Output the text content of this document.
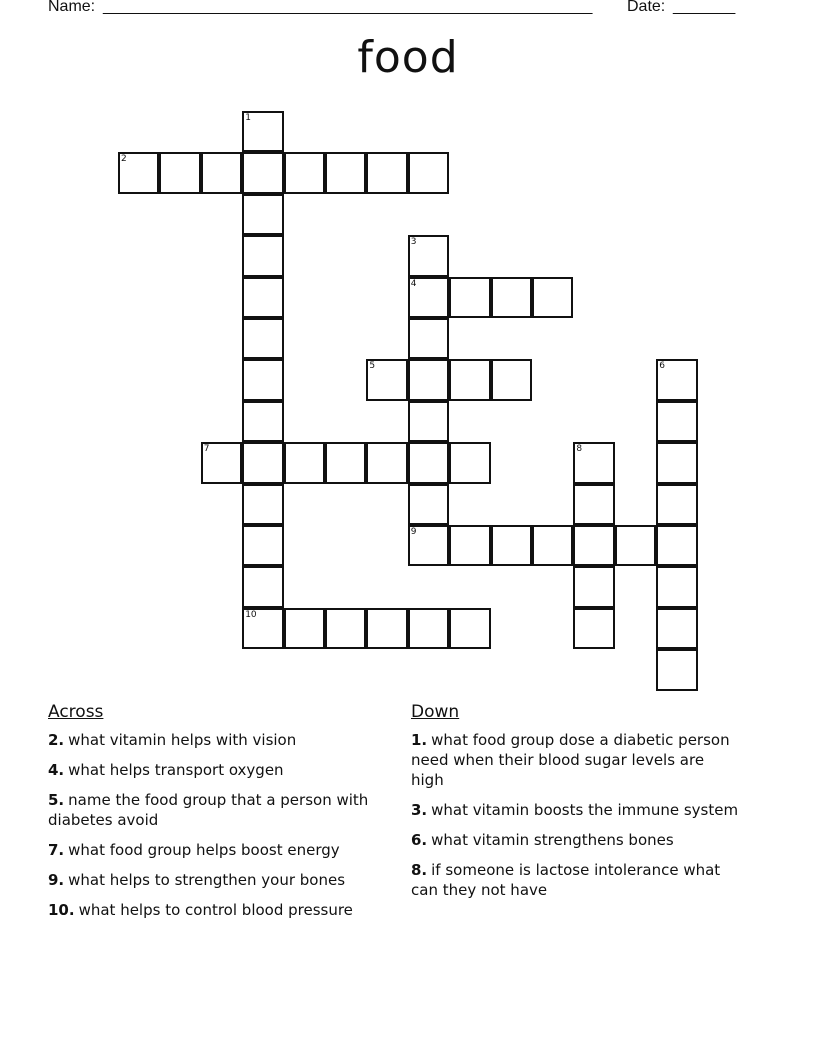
Name: _______________________________________________________ Date: _______
food
1
10
2
3
4
5	6
7	8
9
Across
2. what vitamin helps with vision
4. what helps transport oxygen
5. name the food group that a person with diabetes avoid
7. what food group helps boost energy
9. what helps to strengthen your bones
10. what helps to control blood pressure
Down
1. what food group dose a diabetic person need when their blood sugar levels are high
3. what vitamin boosts the immune system
6. what vitamin strengthens bones
8. if someone is lactose intolerance what can they not have
